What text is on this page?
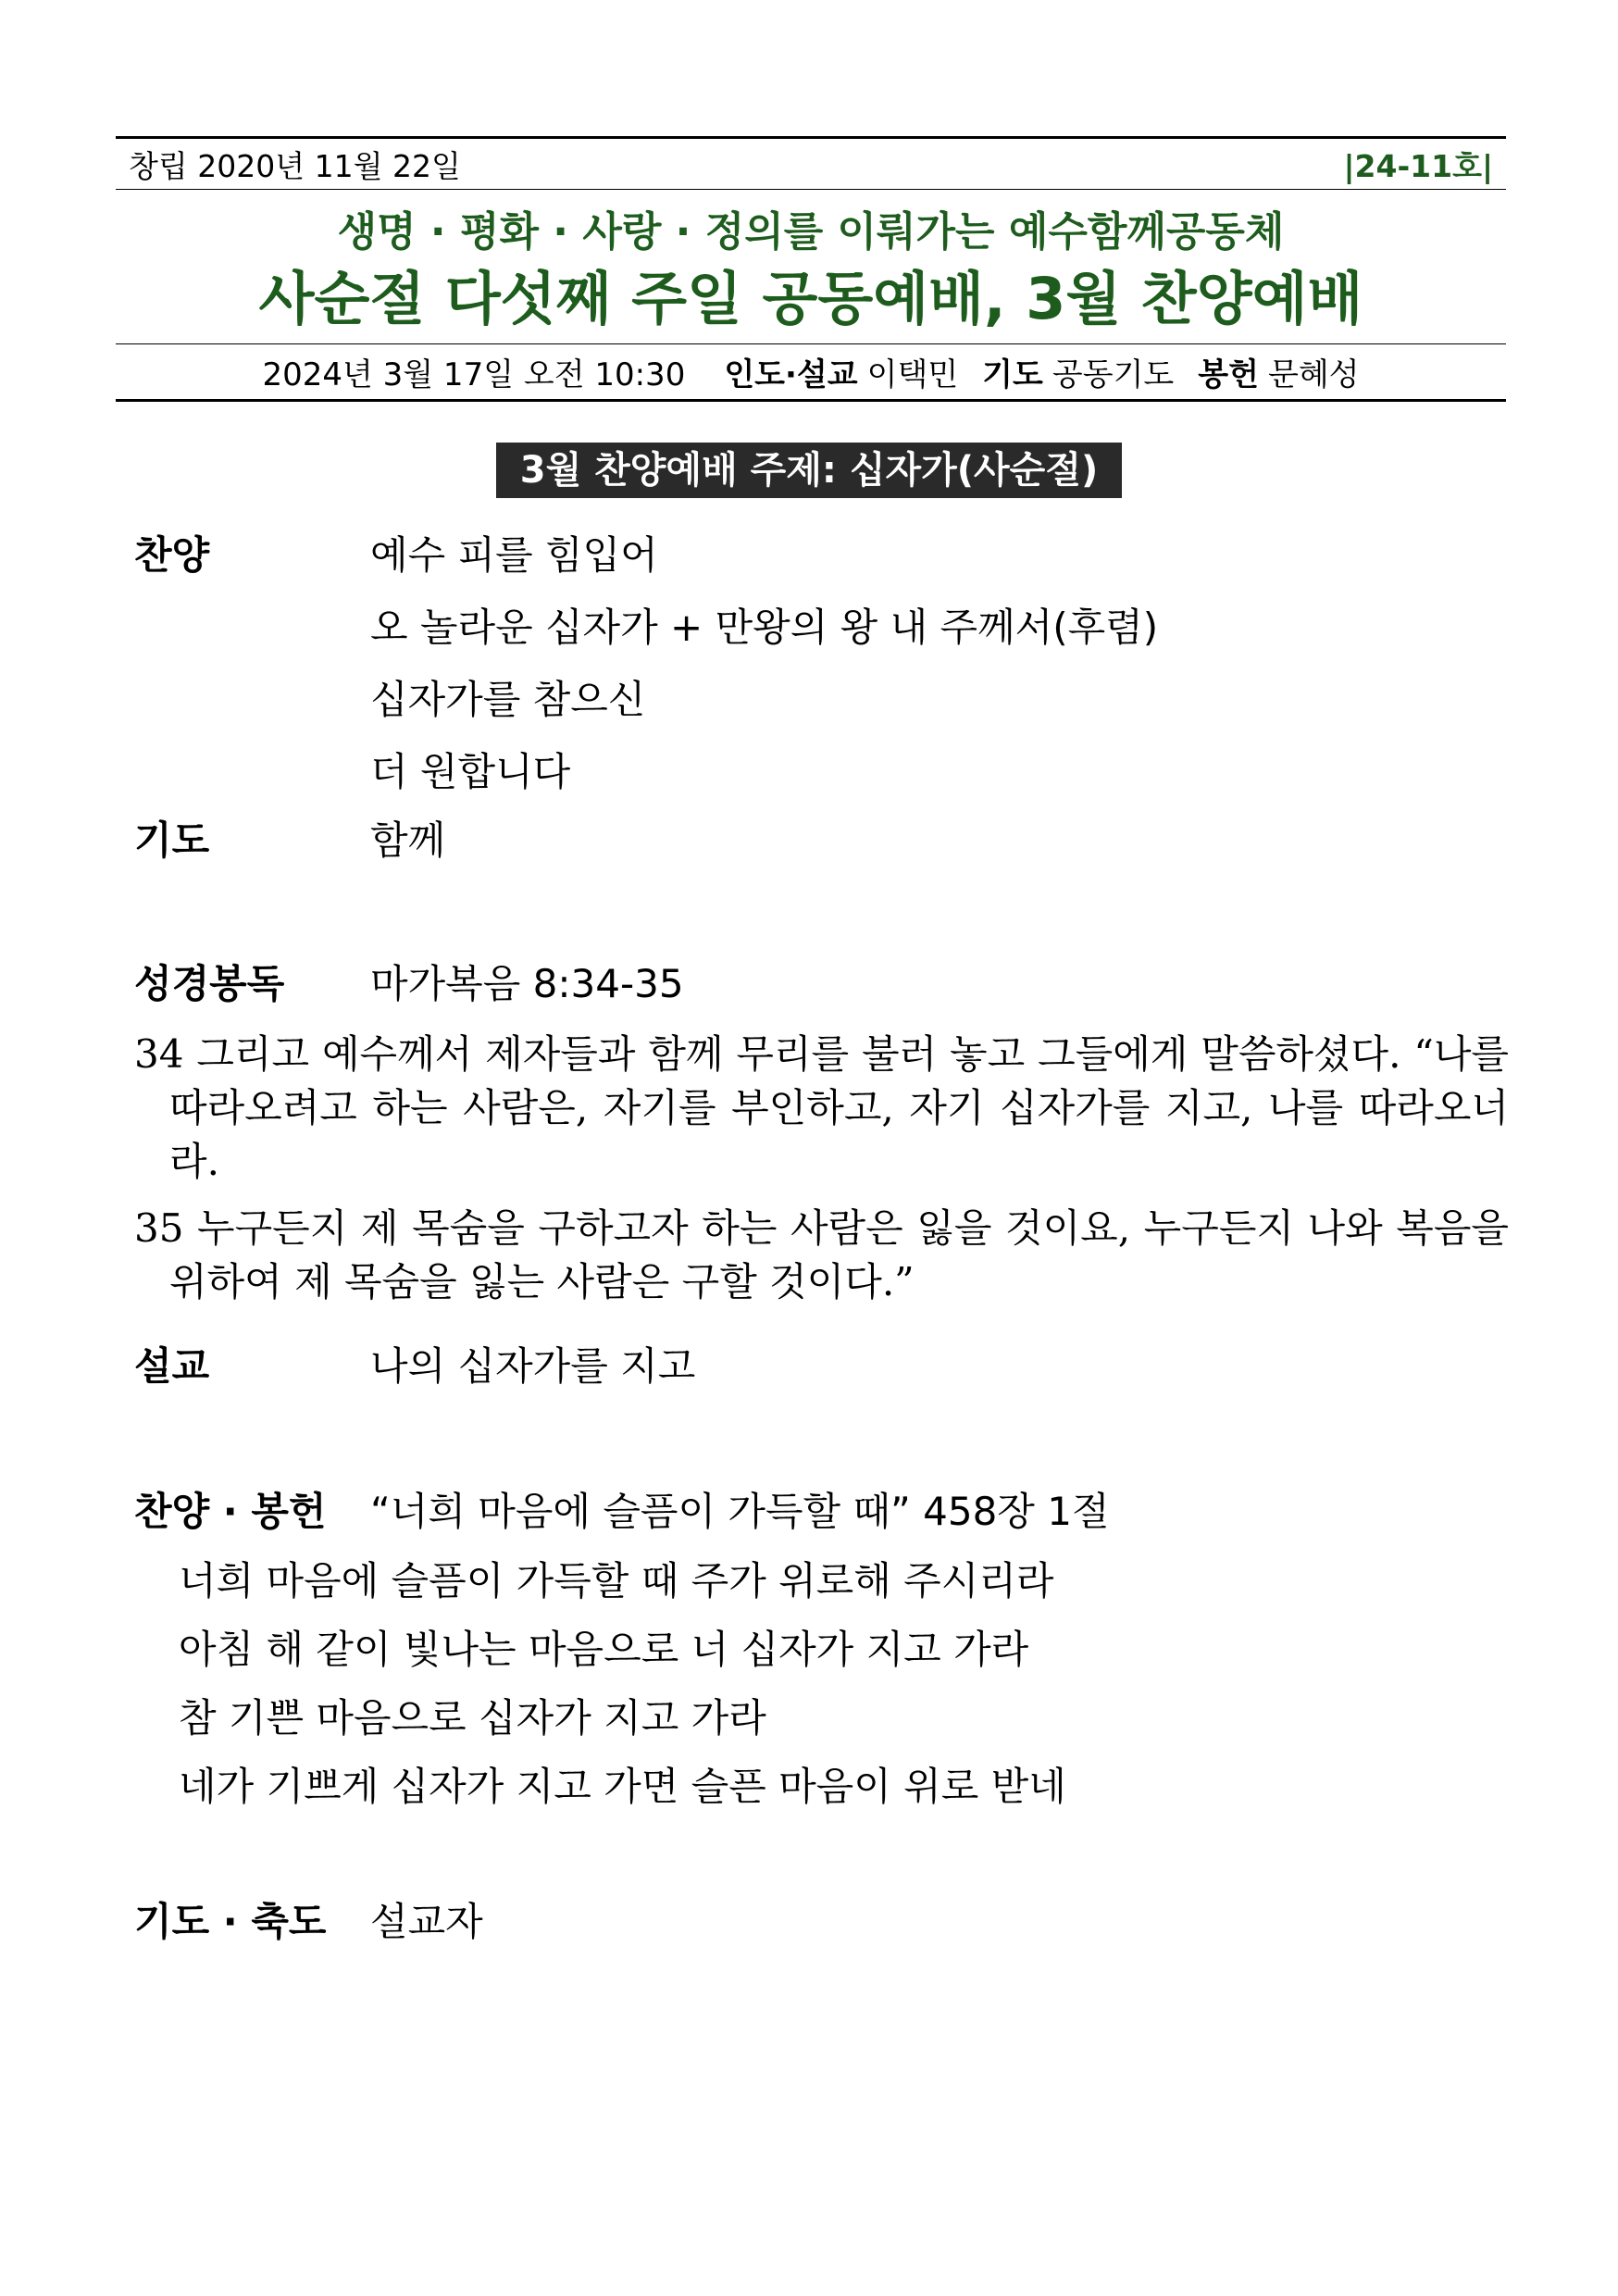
창립 2020년 11월 22일	|24-11호|
생명 · 평화 · 사랑 · 정의를 이뤄가는 예수함께공동체
사순절 다섯째 주일 공동예배, 3월 찬양예배
2024년 3월 17일 오전 10:30 인도·설교 이택민 기도 공동기도 봉헌 문혜성
3월 찬양예배 주제: 십자가(사순절)
찬양	예수 피를 힘입어
오 놀라운 십자가 + 만왕의 왕 내 주께서(후렴)
십자가를 참으신
더 원합니다
기도	함께
성경봉독	마가복음 8:34-35
34 그리고 예수께서 제자들과 함께 무리를 불러 놓고 그들에게 말씀하셨다. “나를 따라오려고 하는 사람은, 자기를 부인하고, 자기 십자가를 지고, 나를 따라오너라.
35 누구든지 제 목숨을 구하고자 하는 사람은 잃을 것이요, 누구든지 나와 복음을 위하여 제 목숨을 잃는 사람은 구할 것이다.”
설교	나의 십자가를 지고
찬양 · 봉헌	“너희 마음에 슬픔이 가득할 때” 458장 1절
너희 마음에 슬픔이 가득할 때 주가 위로해 주시리라
아침 해 같이 빛나는 마음으로 너 십자가 지고 가라
참 기쁜 마음으로 십자가 지고 가라
네가 기쁘게 십자가 지고 가면 슬픈 마음이 위로 받네
기도 · 축도	설교자
